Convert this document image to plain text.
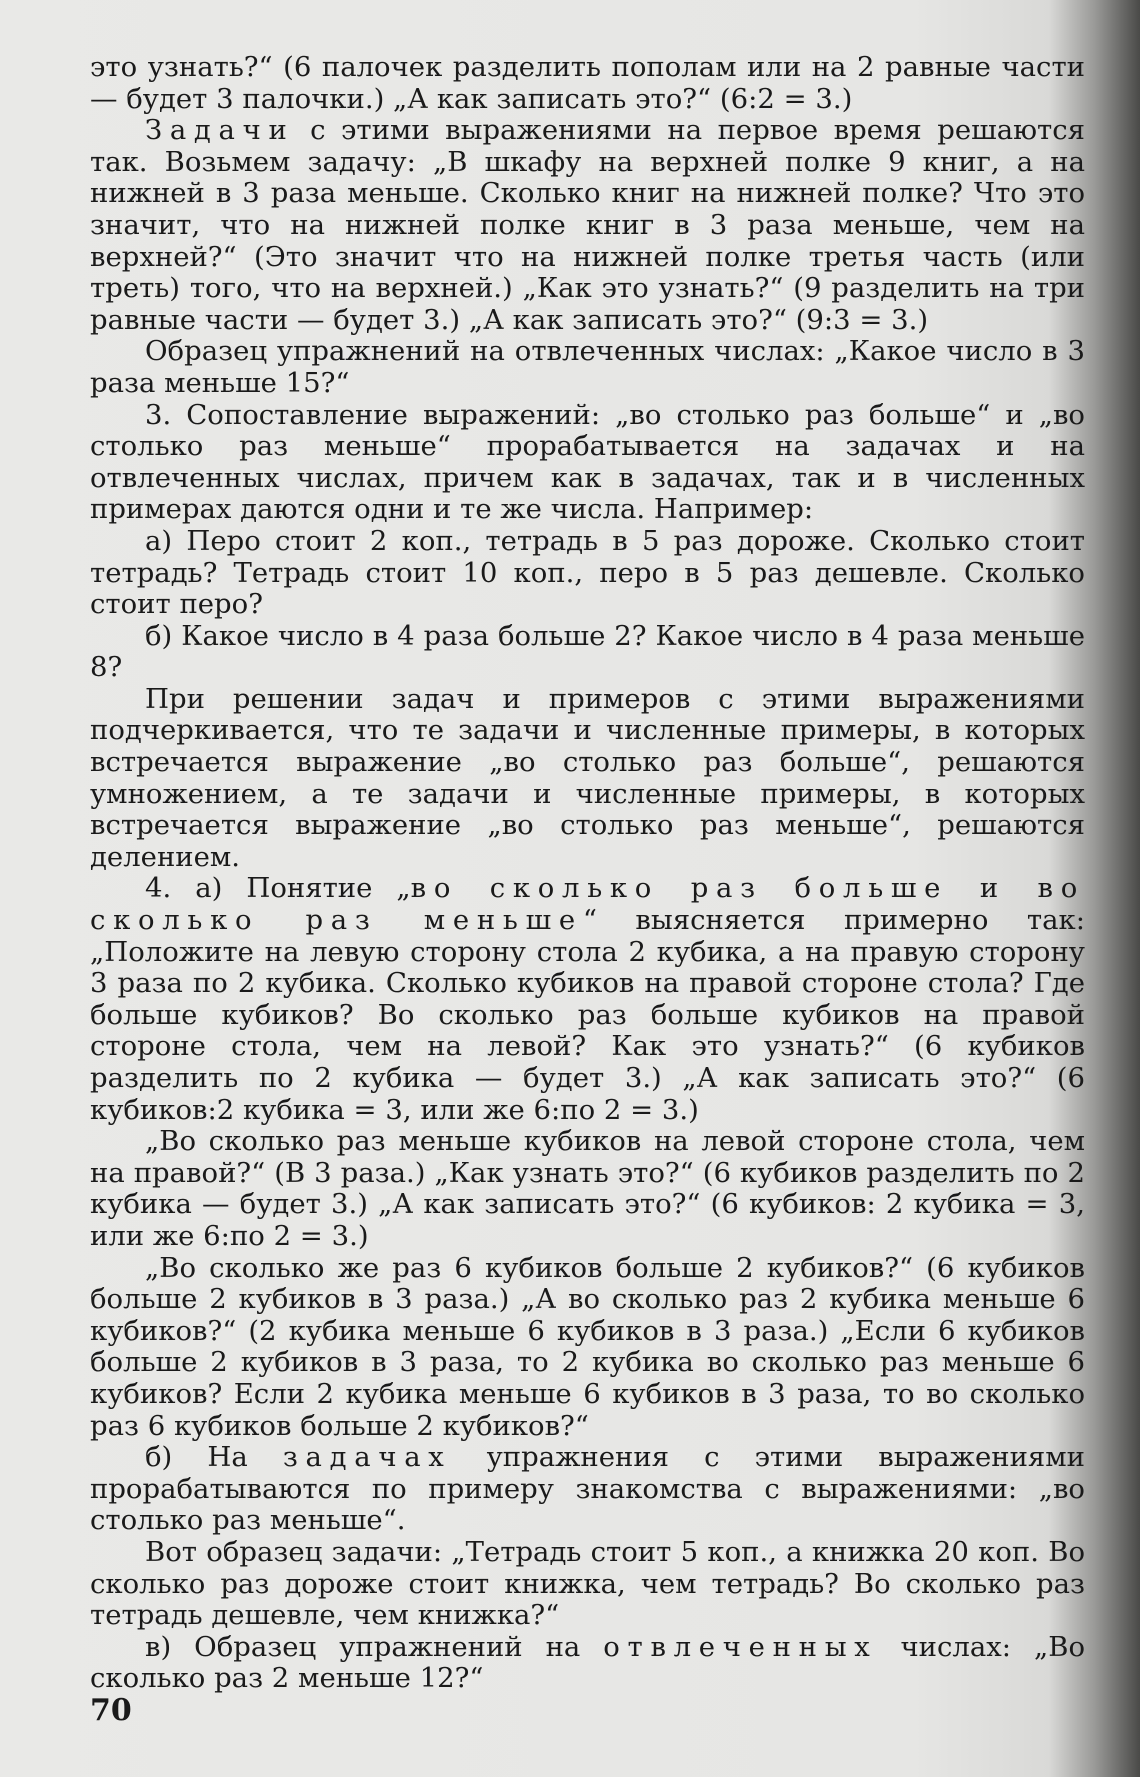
это узнать?“ (6 палочек разделить пополам или на 2 равные части — будет 3 палочки.) „А как записать это?“ (6:2 = 3.)

Задачи с этими выражениями на первое время решаются так. Возьмем задачу: „В шкафу на верхней полке 9 книг, а на нижней в 3 раза меньше. Сколько книг на нижней полке? Что это значит, что на нижней полке книг в 3 раза меньше, чем на верхней?“ (Это значит что на нижней полке третья часть (или треть) того, что на верхней.) „Как это узнать?“ (9 разделить на три равные части — будет 3.) „А как записать это?“ (9:3 = 3.)

Образец упражнений на отвлеченных числах: „Какое число в 3 раза меньше 15?“

3. Сопоставление выражений: „во столько раз больше“ и „во столько раз меньше“ прорабатывается на задачах и на отвлеченных числах, причем как в задачах, так и в численных примерах даются одни и те же числа. Например:

а) Перо стоит 2 коп., тетрадь в 5 раз дороже. Сколько стоит тетрадь? Тетрадь стоит 10 коп., перо в 5 раз дешевле. Сколько стоит перо?

б) Какое число в 4 раза больше 2? Какое число в 4 раза меньше 8?

При решении задач и примеров с этими выражениями подчеркивается, что те задачи и численные примеры, в которых встречается выражение „во столько раз больше“, решаются умножением, а те задачи и численные примеры, в которых встречается выражение „во столько раз меньше“, решаются делением.

4. а) Понятие „во сколько раз больше и во сколько раз меньше“ выясняется примерно так: „Положите на левую сторону стола 2 кубика, а на правую сторону 3 раза по 2 кубика. Сколько кубиков на правой стороне стола? Где больше кубиков? Во сколько раз больше кубиков на правой стороне стола, чем на левой? Как это узнать?“ (6 кубиков разделить по 2 кубика — будет 3.) „А как записать это?“ (6 кубиков:2 кубика = 3, или же 6:по 2 = 3.)

„Во сколько раз меньше кубиков на левой стороне стола, чем на правой?“ (В 3 раза.) „Как узнать это?“ (6 кубиков разделить по 2 кубика — будет 3.) „А как записать это?“ (6 кубиков: 2 кубика = 3, или же 6:по 2 = 3.)

„Во сколько же раз 6 кубиков больше 2 кубиков?“ (6 кубиков больше 2 кубиков в 3 раза.) „А во сколько раз 2 кубика меньше 6 кубиков?“ (2 кубика меньше 6 кубиков в 3 раза.) „Если 6 кубиков больше 2 кубиков в 3 раза, то 2 кубика во сколько раз меньше 6 кубиков? Если 2 кубика меньше 6 кубиков в 3 раза, то во сколько раз 6 кубиков больше 2 кубиков?“

б) На задачах упражнения с этими выражениями прорабатываются по примеру знакомства с выражениями: „во столько раз меньше“.

Вот образец задачи: „Тетрадь стоит 5 коп., а книжка 20 коп. Во сколько раз дороже стоит книжка, чем тетрадь? Во сколько раз тетрадь дешевле, чем книжка?“

в) Образец упражнений на отвлеченных числах: „Во сколько раз 2 меньше 12?“

70
